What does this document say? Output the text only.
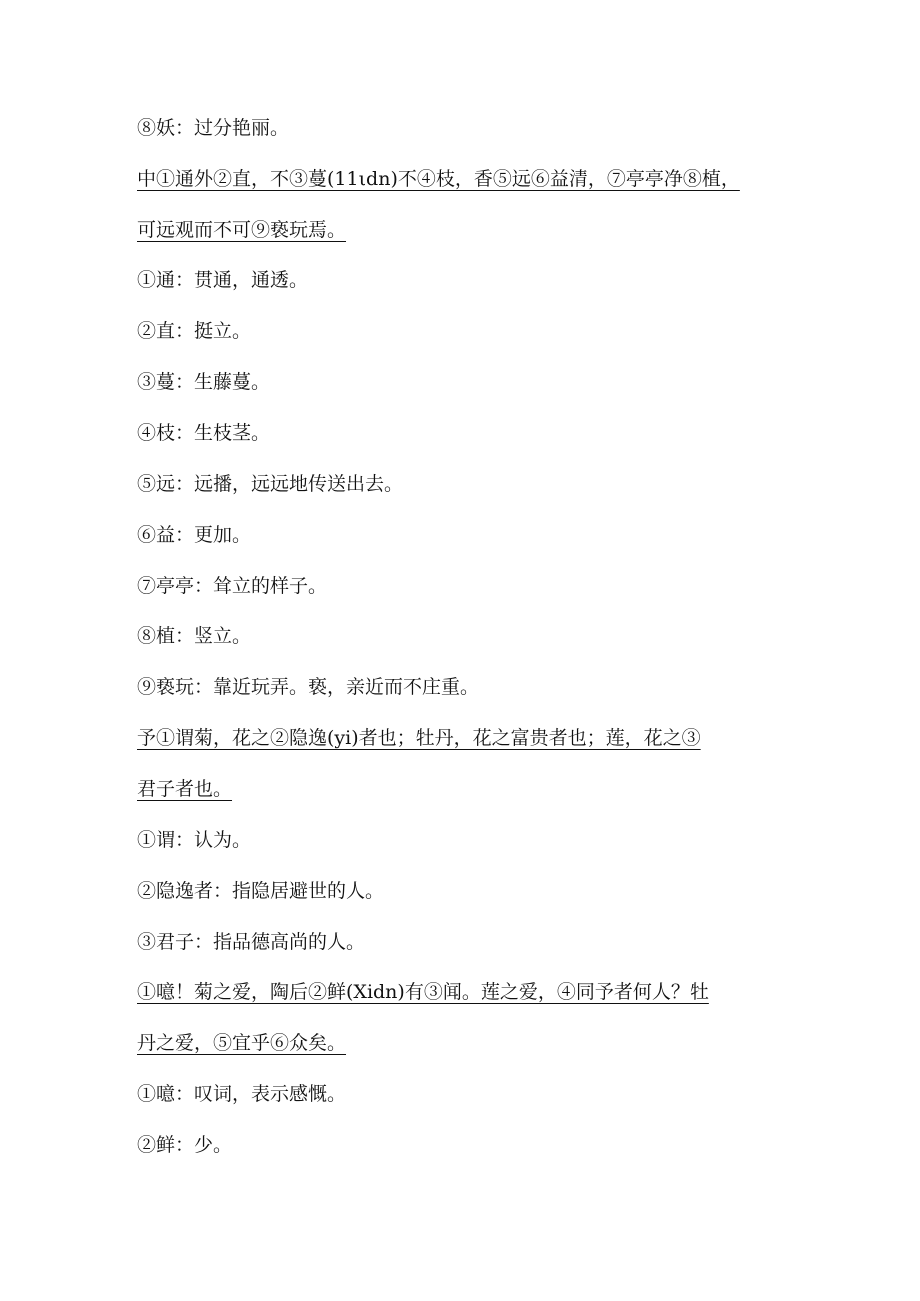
⑧妖：过分艳丽。

中①通外②直，不③蔓(11ιdn)不④枝，香⑤远⑥益清，⑦亭亭净⑧植，

可远观而不可⑨亵玩焉。

①通：贯通，通透。

②直：挺立。

③蔓：生藤蔓。

④枝：生枝茎。

⑤远：远播，远远地传送出去。

⑥益：更加。

⑦亭亭：耸立的样子。

⑧植：竖立。

⑨亵玩：靠近玩弄。亵，亲近而不庄重。

予①谓菊，花之②隐逸(yi)者也；牡丹，花之富贵者也；莲，花之③

君子者也。

①谓：认为。

②隐逸者：指隐居避世的人。

③君子：指品德高尚的人。

①噫！菊之爱，陶后②鲜(Xidn)有③闻。莲之爱，④同予者何人？牡

丹之爱，⑤宜乎⑥众矣。

①噫：叹词，表示感慨。

②鲜：少。
